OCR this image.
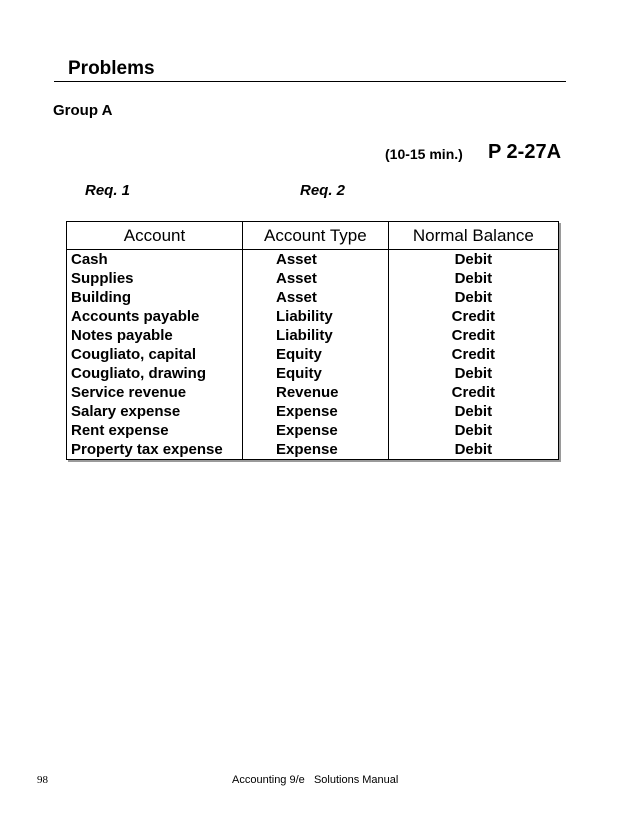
Problems
Group A
(10-15 min.) P 2-27A
Req. 1	Req. 2
Account	Account Type	Normal Balance
Cash	Asset	Debit
Supplies	Asset	Debit
Building	Asset	Debit
Accounts payable	Liability	Credit
Notes payable	Liability	Credit
Cougliato, capital	Equity	Credit
Cougliato, drawing	Equity	Debit
Service revenue	Revenue	Credit
Salary expense	Expense	Debit
Rent expense	Expense	Debit
Property tax expense	Expense	Debit
98	Accounting 9/e   Solutions Manual
